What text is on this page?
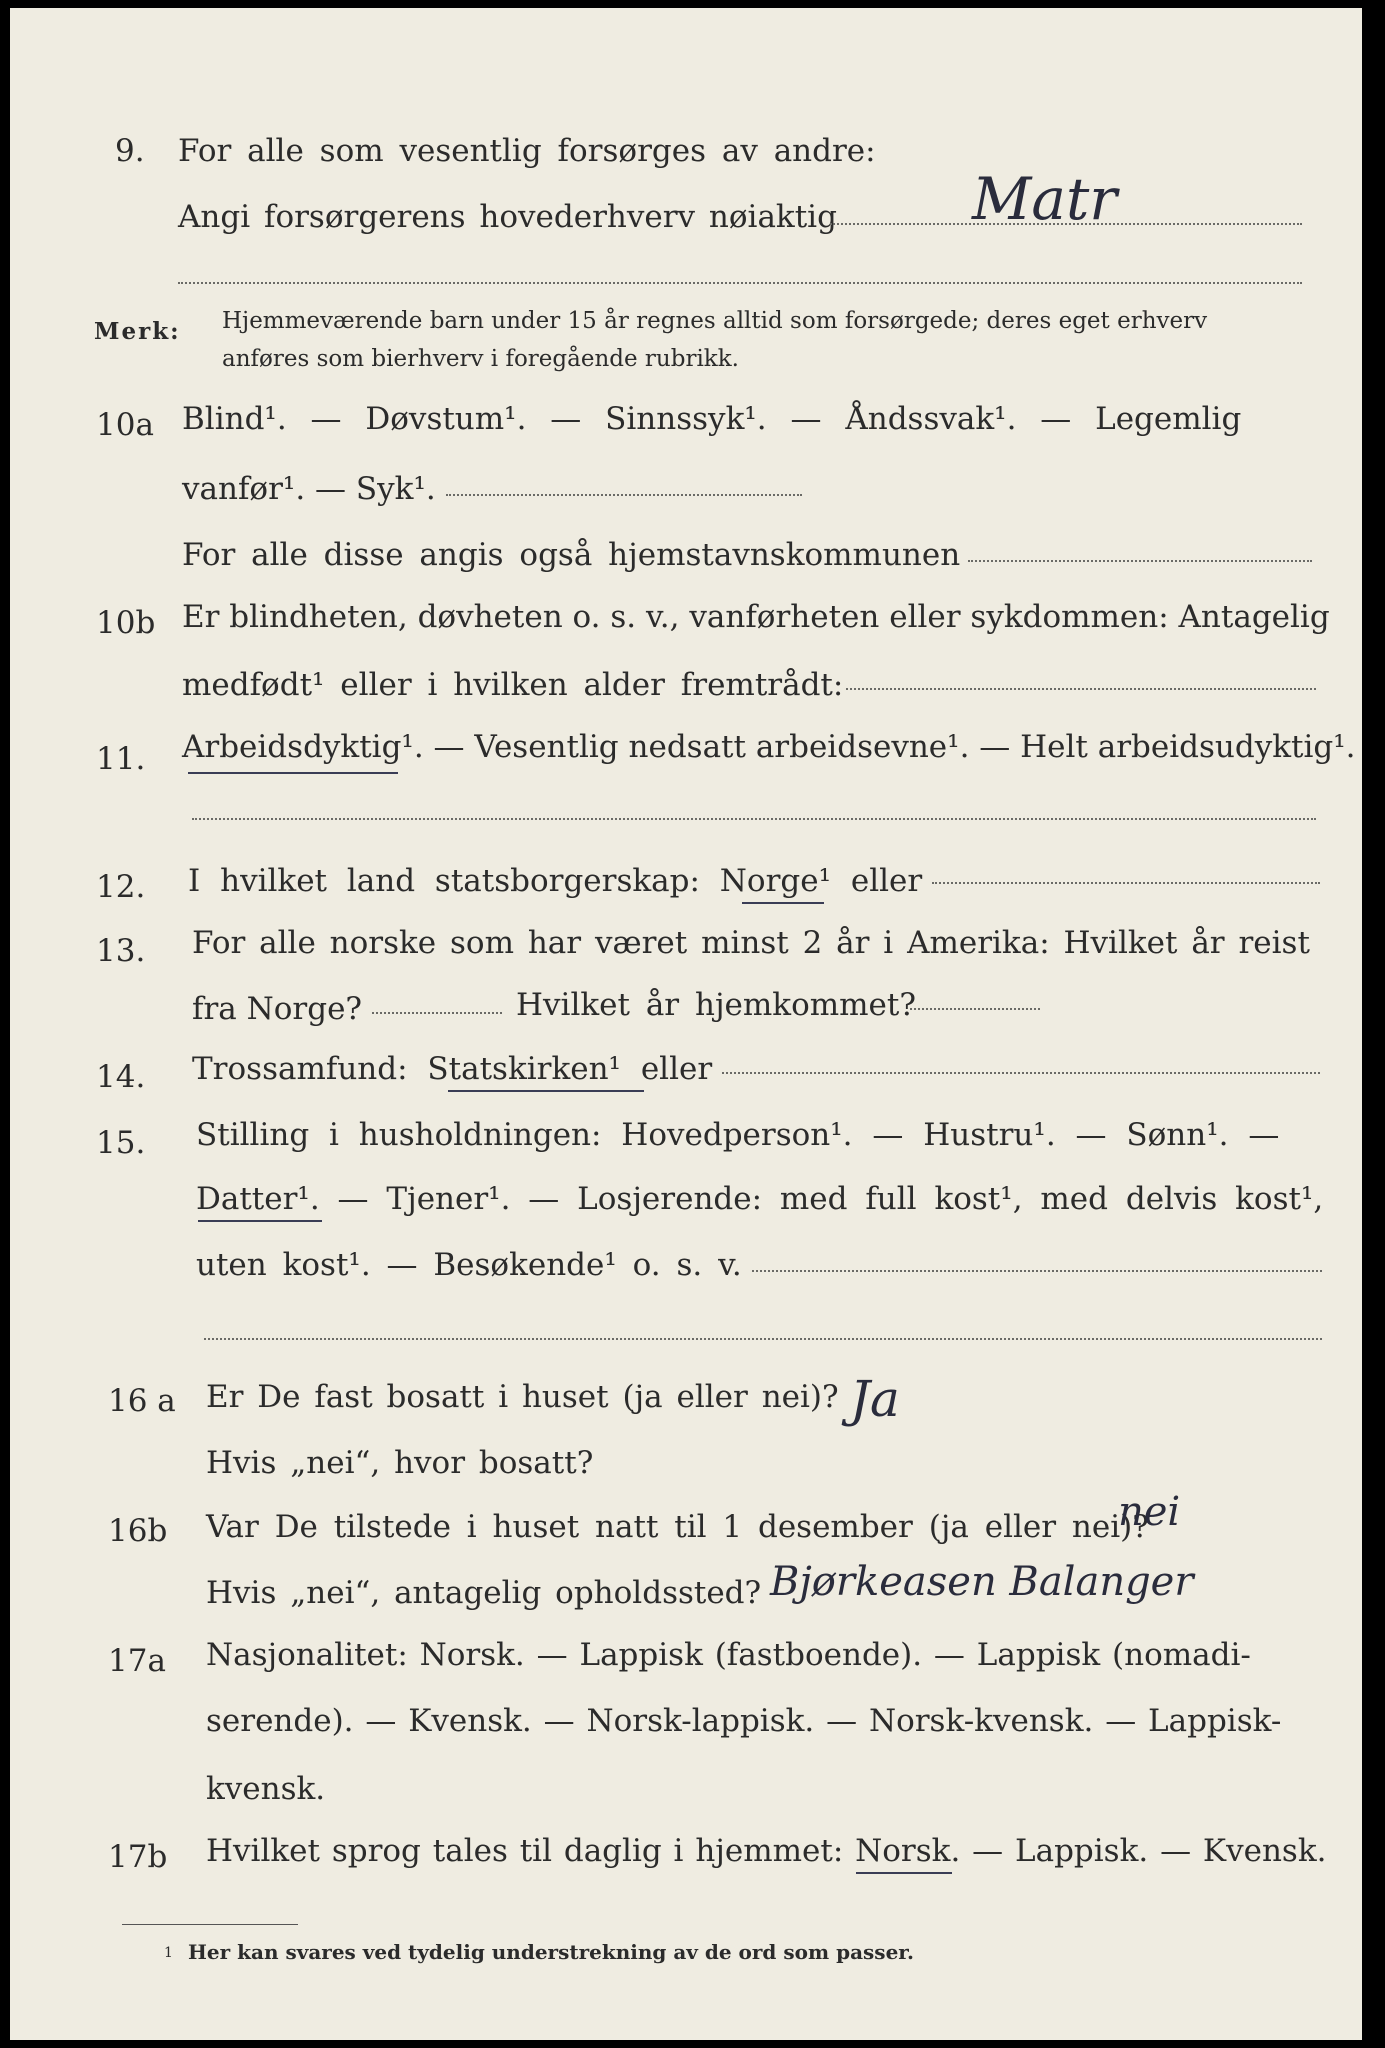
9. For alle som vesentlig forsørges av andre:
Angi forsørgerens hovederhverv nøiaktig Matr
Merk: Hjemmeværende barn under 15 år regnes alltid som forsørgede; deres eget erhverv
anføres som bierhverv i foregående rubrikk.
10a Blind¹. — Døvstum¹. — Sinnssyk¹. — Åndssvak¹. — Legemlig
vanfør¹. — Syk¹.
For alle disse angis også hjemstavnskommunen
10b Er blindheten, døvheten o. s. v., vanførheten eller sykdommen: Antagelig
medfødt¹ eller i hvilken alder fremtrådt:
11. Arbeidsdyktig¹. — Vesentlig nedsatt arbeidsevne¹. — Helt arbeidsudyktig¹.
12. I hvilket land statsborgerskap: Norge¹ eller
13. For alle norske som har været minst 2 år i Amerika: Hvilket år reist
fra Norge?	Hvilket år hjemkommet?
14. Trossamfund: Statskirken¹ eller
15. Stilling i husholdningen: Hovedperson¹. — Hustru¹. — Sønn¹. —
Datter¹. — Tjener¹. — Losjerende: med full kost¹, med delvis kost¹,
uten kost¹. — Besøkende¹ o. s. v.
16 a Er De fast bosatt i huset (ja eller nei)? Ja
Hvis „nei“, hvor bosatt?
16b Var De tilstede i huset natt til 1 desember (ja eller nei)?
nei
Hvis „nei“, antagelig opholdssted? Bjørkeasen Balanger
17a Nasjonalitet: Norsk. — Lappisk (fastboende). — Lappisk (nomadi-
serende). — Kvensk. — Norsk-lappisk. — Norsk-kvensk. — Lappisk-
kvensk.
17b Hvilket sprog tales til daglig i hjemmet: Norsk. — Lappisk. — Kvensk.
1 Her kan svares ved tydelig understrekning av de ord som passer.
